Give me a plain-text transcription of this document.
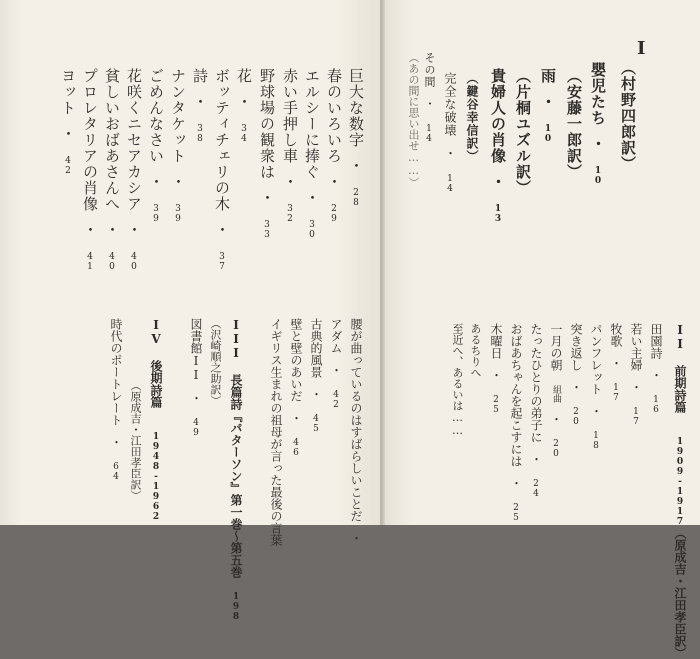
I
（村野四郎訳）
嬰児たち・10
（安藤一郎訳）
雨・10
（片桐ユズル訳）
貴婦人の肖像・13
（鍵谷幸信訳）
完全な破壊・14
その間・14
（あの間に思い出せ……）
巨大な数字・28
春のいろいろ・29
エルシーに捧ぐ・30
赤い手押し車・32
野球場の観衆は・33
花・34
ボッティチェリの木・37
詩・38
ナンタケット・39
ごめんなさい・39
花咲くニセアカシア・40
貧しいおばあさんへ・40
プロレタリアの肖像・41
ヨット・42
腰が曲っているのはすばらしいことだ・
アダム・42
古典的風景・45
壁と壁のあいだ・46
イギリス生まれの祖母が言った最後の言葉
III 長篇詩『パターソン』第一巻～第五巻198
（沢崎順之助訳）
図書館II・49
IV 後期詩篇1948-1962
（原成吉・江田孝臣訳）
時代のポートレート・64
II 前期詩篇1909-1917（原成吉・江田孝臣訳）
田園詩・16
若い主婦・17
牧歌・17
パンフレット・18
突き返し・20
一月の朝組曲・20
たったひとりの弟子に・24
おばあちゃんを起こすには・25
木曜日・25
あるちりへ
至近へ、あるいは……
